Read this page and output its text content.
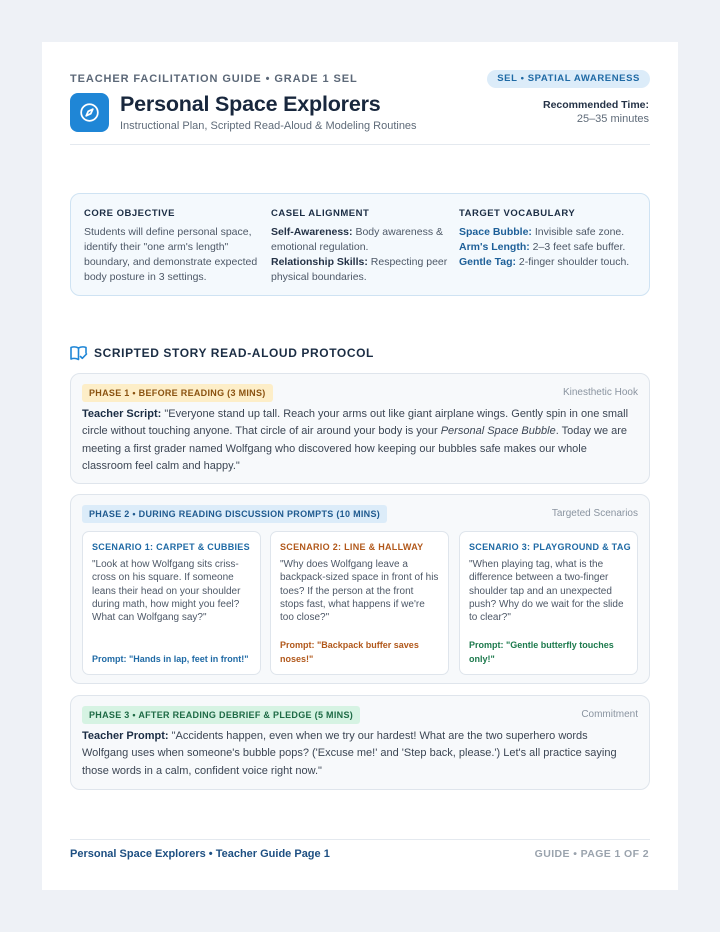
TEACHER FACILITATION GUIDE • GRADE 1 SEL	SEL • SPATIAL AWARENESS
Personal Space Explorers
Instructional Plan, Scripted Read-Aloud & Modeling Routines
Recommended Time:
25–35 minutes
CORE OBJECTIVE
Students will define personal space, identify their "one arm's length" boundary, and demonstrate expected body posture in 3 settings.
CASEL ALIGNMENT
Self-Awareness: Body awareness & emotional regulation.
Relationship Skills: Respecting peer physical boundaries.
TARGET VOCABULARY
Space Bubble: Invisible safe zone.
Arm's Length: 2–3 feet safe buffer.
Gentle Tag: 2-finger shoulder touch.
SCRIPTED STORY READ-ALOUD PROTOCOL
PHASE 1 • BEFORE READING (3 MINS)	Kinesthetic Hook
Teacher Script: "Everyone stand up tall. Reach your arms out like giant airplane wings. Gently spin in one small circle without touching anyone. That circle of air around your body is your Personal Space Bubble. Today we are meeting a first grader named Wolfgang who discovered how keeping our bubbles safe makes our whole classroom feel calm and happy."
PHASE 2 • DURING READING DISCUSSION PROMPTS (10 MINS)	Targeted Scenarios
SCENARIO 1: CARPET & CUBBIES
"Look at how Wolfgang sits criss-cross on his square. If someone leans their head on your shoulder during math, how might you feel? What can Wolfgang say?"
Prompt: "Hands in lap, feet in front!"
SCENARIO 2: LINE & HALLWAY
"Why does Wolfgang leave a backpack-sized space in front of his toes? If the person at the front stops fast, what happens if we're too close?"
Prompt: "Backpack buffer saves noses!"
SCENARIO 3: PLAYGROUND & TAG
"When playing tag, what is the difference between a two-finger shoulder tap and an unexpected push? Why do we wait for the slide to clear?"
Prompt: "Gentle butterfly touches only!"
PHASE 3 • AFTER READING DEBRIEF & PLEDGE (5 MINS)	Commitment
Teacher Prompt: "Accidents happen, even when we try our hardest! What are the two superhero words Wolfgang uses when someone's bubble pops? ('Excuse me!' and 'Step back, please.') Let's all practice saying those words in a calm, confident voice right now."
Personal Space Explorers • Teacher Guide Page 1	GUIDE • PAGE 1 OF 2
